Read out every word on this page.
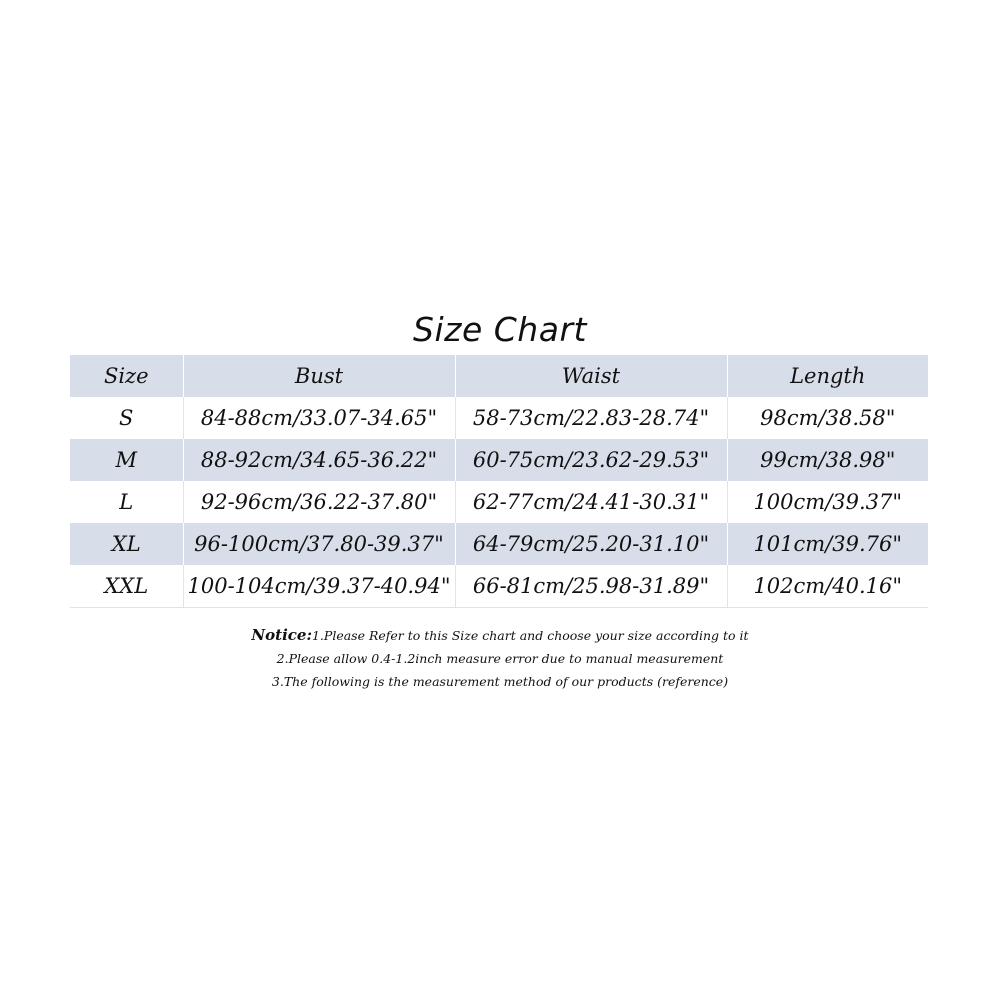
Size Chart
Size	Bust	Waist	Length
S	84-88cm/33.07-34.65"	58-73cm/22.83-28.74"	98cm/38.58"
M	88-92cm/34.65-36.22"	60-75cm/23.62-29.53"	99cm/38.98"
L	92-96cm/36.22-37.80"	62-77cm/24.41-30.31"	100cm/39.37"
XL	96-100cm/37.80-39.37"	64-79cm/25.20-31.10"	101cm/39.76"
XXL	100-104cm/39.37-40.94"	66-81cm/25.98-31.89"	102cm/40.16"
Notice:1.Please Refer to this Size chart and choose your size according to it
2.Please allow 0.4-1.2inch measure error due to manual measurement
3.The following is the measurement method of our products (reference)
